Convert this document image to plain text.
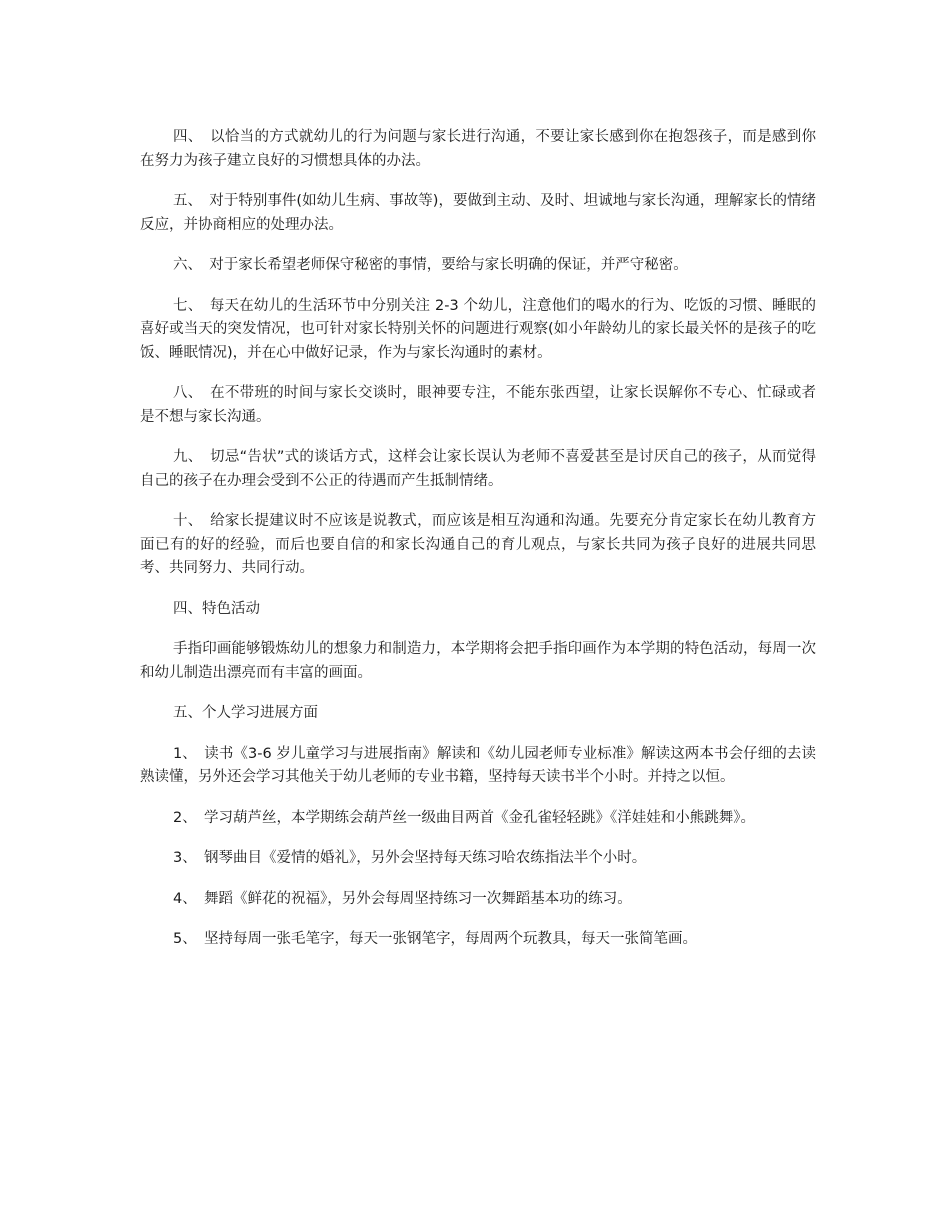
四、　以恰当的方式就幼儿的行为问题与家长进行沟通，不要让家长感到你在抱怨孩子，而是感到你在努力为孩子建立良好的习惯想具体的办法。

五、　对于特别事件(如幼儿生病、事故等)，要做到主动、及时、坦诚地与家长沟通，理解家长的情绪反应，并协商相应的处理办法。

六、　对于家长希望老师保守秘密的事情，要给与家长明确的保证，并严守秘密。

七、　每天在幼儿的生活环节中分别关注 2-3 个幼儿，注意他们的喝水的行为、吃饭的习惯、睡眠的喜好或当天的突发情况，也可针对家长特别关怀的问题进行观察(如小年龄幼儿的家长最关怀的是孩子的吃饭、睡眠情况)，并在心中做好记录，作为与家长沟通时的素材。

八、　在不带班的时间与家长交谈时，眼神要专注，不能东张西望，让家长误解你不专心、忙碌或者是不想与家长沟通。

九、　切忌“告状”式的谈话方式，这样会让家长误认为老师不喜爱甚至是讨厌自己的孩子，从而觉得自己的孩子在办理会受到不公正的待遇而产生抵制情绪。

十、　给家长提建议时不应该是说教式，而应该是相互沟通和沟通。先要充分肯定家长在幼儿教育方面已有的好的经验，而后也要自信的和家长沟通自己的育儿观点，与家长共同为孩子良好的进展共同思考、共同努力、共同行动。

四、特色活动

手指印画能够锻炼幼儿的想象力和制造力，本学期将会把手指印画作为本学期的特色活动，每周一次和幼儿制造出漂亮而有丰富的画面。

五、个人学习进展方面

1、　读书《3-6 岁儿童学习与进展指南》解读和《幼儿园老师专业标准》解读这两本书会仔细的去读熟读懂，另外还会学习其他关于幼儿老师的专业书籍，坚持每天读书半个小时。并持之以恒。

2、　学习葫芦丝，本学期练会葫芦丝一级曲目两首《金孔雀轻轻跳》《洋娃娃和小熊跳舞》。

3、　钢琴曲目《爱情的婚礼》，另外会坚持每天练习哈农练指法半个小时。

4、　舞蹈《鲜花的祝福》，另外会每周坚持练习一次舞蹈基本功的练习。

5、　坚持每周一张毛笔字，每天一张钢笔字，每周两个玩教具，每天一张简笔画。
